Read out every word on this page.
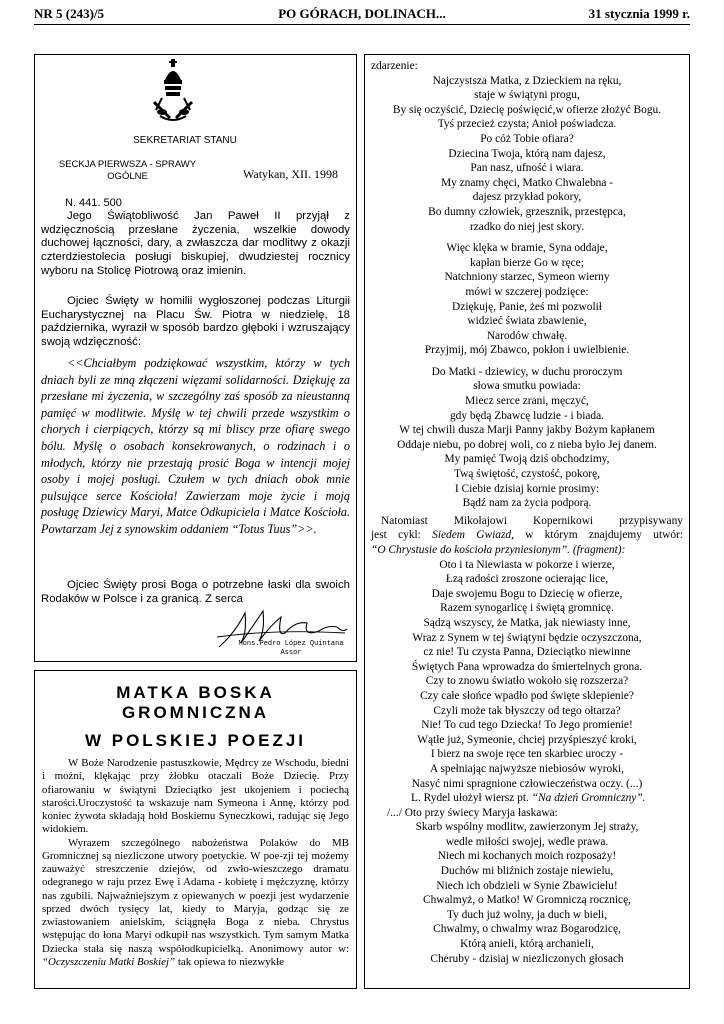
NR 5 (243)/5	PO GÓRACH, DOLINACH...	31 stycznia 1999 r.
SEKRETARIAT STANU
SECKJA PIERWSZA - SPRAWY
OGÓLNE	Watykan, XII. 1998
N. 441. 500

Jego Świątobliwość Jan Paweł II przyjął z wdzięcznością przesłane życzenia, wszelkie dowody duchowej łączności, dary, a zwłaszcza dar modlitwy z okazji czterdziestolecia posługi biskupiej, dwudziestej rocznicy wyboru na Stolicę Piotrową oraz imienin.

Ojciec Święty w homilii wygłoszonej podczas Liturgii Eucharystycznej na Placu Św. Piotra w niedzielę, 18 października, wyraził w sposób bardzo głęboki i wzruszający swoją wdzięczność:

<<Chciałbym podziękować wszystkim, którzy w tych dniach byli ze mną złączeni więzami solidarności. Dziękuję za przesłane mi życzenia, w szczególny zaś sposób za nieustanną pamięć w modlitwie. Myślę w tej chwili przede wszystkim o chorych i cierpiących, którzy są mi bliscy prze ofiarę swego bólu. Myślę o osobach konsekrowanych, o rodzinach i o młodych, którzy nie przestają prosić Boga w intencji mojej osoby i mojej posługi. Czułem w tych dniach obok mnie pulsujące serce Kościoła! Zawierzam moje życie i moją posługę Dziewicy Maryi, Matce Odkupiciela i Matce Kościoła. Powtarzam Jej z synowskim oddaniem “Totus Tuus”>>.

Ojciec Święty prosi Boga o potrzebne łaski dla swoich Rodaków w Polsce i za granicą. Z serca

Mons.Pedro López Quintana
Assor
MATKA BOSKA GROMNICZNA
W POLSKIEJ POEZJI

W Boże Narodzenie pastuszkowie, Mędrcy ze Wschodu, biedni i możni, klękając przy żłobku otaczali Boże Dziecię. Przy ofiarowaniu w świątyni Dzieciątko jest ukojeniem i pociechą starości.Uroczystość ta wskazuje nam Symeona i Annę, którzy pod koniec żywota składają hołd Boskiemu Syneczkowi, radując się Jego widokiem.

Wyrazem szczególnego nabożeństwa Polaków do MB Gromnicznej są niezliczone utwory poetyckie. W poe-zji tej możemy zauważyć streszczenie dziejów, od zwło-wieszczego dramatu odegranego w raju przez Ewę i Adama - kobietę i mężczyznę, którzy nas zgubili. Najważniejszym z opiewanych w poezji jest wydarzenie sprzed dwóch tysięcy lat, kiedy to Maryja, godząc się ze zwiastowaniem anielskim, ściągnęła Boga z nieba. Chrystus wstępując do łona Maryi odkupił nas wszystkich. Tym samym Matka Dziecka stała się naszą współodkupicielką. Anonimowy autor w: “Oczyszczeniu Matki Boskiej” tak opiewa to niezwykłe

zdarzenie:
Najczystsza Matka, z Dzieckiem na ręku,
staje w świątyni progu,
By się oczyścić, Dziecię poświęcić,w ofierze złożyć Bogu.
Tyś przecież czysta; Anioł poświadcza.
Po cóż Tobie ofiara?
Dziecina Twoja, którą nam dajesz,
Pan nasz, ufność i wiara.
My znamy chęci, Matko Chwalebna -
dajesz przykład pokory,
Bo dumny człowiek, grzesznik, przestępca,
rzadko do niej jest skory.
Więc klęka w bramie, Syna oddaje,
kapłan bierze Go w ręce;
Natchniony starzec, Symeon wierny
mówi w szczerej podzięce:
Dziękuję, Panie, żeś mi pozwolił
widzieć świata zbawienie,
Narodów chwałę.
Przyjmij, mój Zbawco, pokłon i uwielbienie.
Do Matki - dziewicy, w duchu proroczym
słowa smutku powiada:
Miecz serce zrani, męczyć,
gdy będą Zbawcę ludzie - i biada.
W tej chwili dusza Marji Panny jakby Bożym kapłanem
Oddaje niebu, po dobrej woli, co z nieba było Jej danem.
My pamięć Twoją dziś obchodzimy,
Twą świętość, czystość, pokorę,
I Ciebie dzisiaj kornie prosimy:
Bądź nam za życia podporą.
Natomiast Mikołajowi Kopernikowi przypisywany
jest cykl: Siedem Gwiazd, w którym znajdujemy utwór:
“O Chrystusie do kościoła przyniesionym”. (fragment):
Oto i ta Niewiasta w pokorze i wierze,
Łzą radości zroszone ocierając lice,
Daje swojemu Bogu to Dziecię w ofierze,
Razem synogarlicę i świętą gromnicę.
Sądzą wszyscy, że Matka, jak niewiasty inne,
Wraz z Synem w tej świątyni będzie oczyszczona,
cz nie! Tu czysta Panna, Dzieciątko niewinne
Świętych Pana wprowadza do śmiertelnych grona.
Czy to znowu światło wokoło się rozszerza?
Czy całe słońce wpadło pod święte sklepienie?
Czyli może tak błyszczy od tego ołtarza?
Nie! To cud tego Dziecka! To Jego promienie!
Wątłe już, Symeonie, chciej przyśpieszyć kroki,
I bierz na swoje ręce ten skarbiec uroczy -
A spełniając najwyższe niebiosów wyroki,
Nasyć nimi spragnione człowieczeństwa oczy. (...)
L. Rydel ułożył wiersz pt. “Na dzień Gromniczny”.
/.../ Oto przy świecy Maryja łaskawa:
Skarb wspólny modlitw, zawierzonym Jej straży,
wedle miłości swojej, wedle prawa.
Niech mi kochanych moich rozposaży!
Duchów mi bliźnich zostaje niewielu,
Niech ich obdzieli w Synie Zbawicielu!
Chwalmyż, o Matko! W Gromniczą rocznicę,
Ty duch już wolny, ja duch w bieli,
Chwalmy, o chwalmy wraz Bogarodzicę,
Którą anieli, którą archanieli,
Cheruby - dzisiaj w niezliczonych głosach
